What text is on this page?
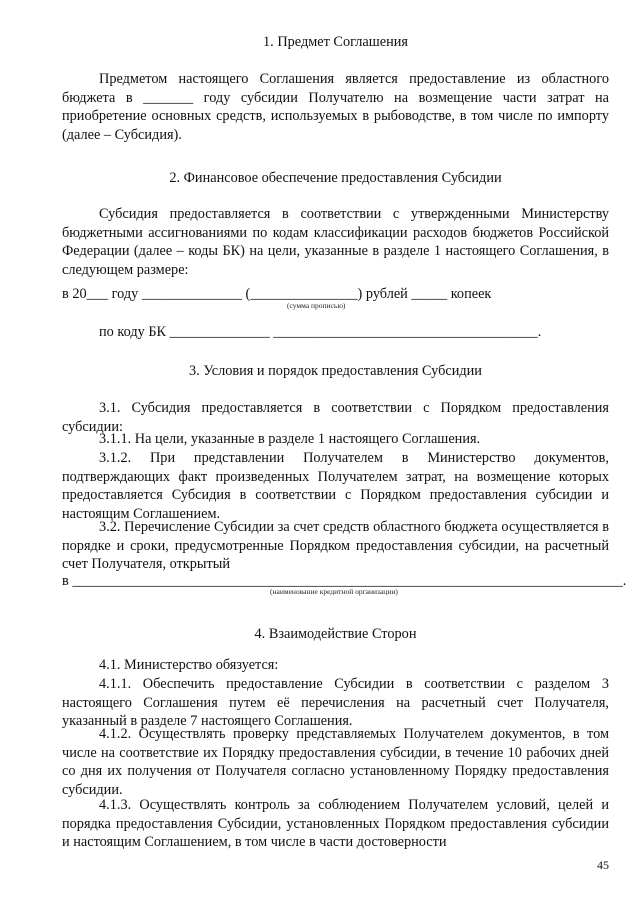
1. Предмет Соглашения
Предметом настоящего Соглашения является предоставление из областного бюджета в _______ году субсидии Получателю на возмещение части затрат на приобретение основных средств, используемых в рыбоводстве, в том числе по импорту (далее – Субсидия).
2. Финансовое обеспечение предоставления Субсидии
Субсидия предоставляется в соответствии с утвержденными Министерству бюджетными ассигнованиями по кодам классификации расходов бюджетов Российской Федерации (далее – коды БК) на цели, указанные в разделе 1 настоящего Соглашения, в следующем размере:
в 20___ году ______________ (_______________) рублей _____ копеек
(сумма прописью)
по коду БК ______________ _____________________________________.
3. Условия и порядок предоставления Субсидии
3.1. Субсидия предоставляется в соответствии с Порядком предоставления субсидии:
3.1.1. На цели, указанные в разделе 1 настоящего Соглашения.
3.1.2. При представлении Получателем в Министерство документов, подтверждающих факт произведенных Получателем затрат, на возмещение которых предоставляется Субсидия в соответствии с Порядком предоставления субсидии и настоящим Соглашением.
3.2. Перечисление Субсидии за счет средств областного бюджета осуществляется в порядке и сроки, предусмотренные Порядком предоставления субсидии, на расчетный счет Получателя, открытый
в _____________________________________________________________________________.
(наименование кредитной организации)
4. Взаимодействие Сторон
4.1. Министерство обязуется:
4.1.1. Обеспечить предоставление Субсидии в соответствии с разделом 3 настоящего Соглашения путем её перечисления на расчетный счет Получателя, указанный в разделе 7 настоящего Соглашения.
4.1.2. Осуществлять проверку представляемых Получателем документов, в том числе на соответствие их Порядку предоставления субсидии, в течение 10 рабочих дней со дня их получения от Получателя согласно установленному Порядку предоставления субсидии.
4.1.3. Осуществлять контроль за соблюдением Получателем условий, целей и порядка предоставления Субсидии, установленных Порядком предоставления субсидии и настоящим Соглашением, в том числе в части достоверности
45
